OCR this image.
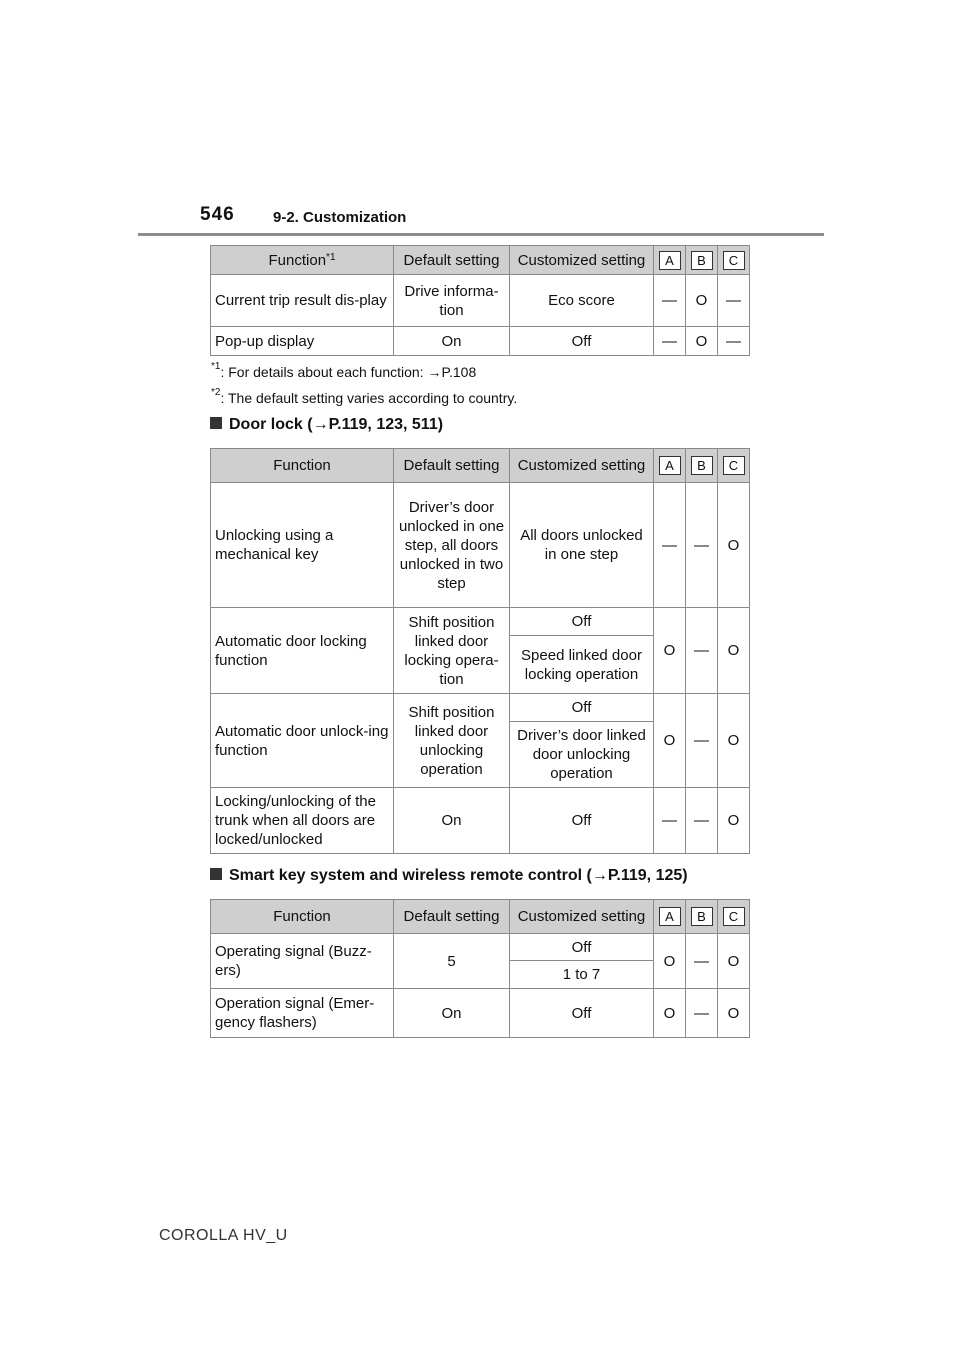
546	9-2. Customization
Function$^{*1}$	Default setting	Customized setting	A	B	C
Current trip result dis-play	Drive informa-tion	Eco score	—	O	—
Pop-up display	On	Off	—	O	—
$^{*1}$: For details about each function: →P.108
$^{*2}$: The default setting varies according to country.
Door lock (→P.119, 123, 511)
Function	Default setting	Customized setting	A	B	C
Unlocking using a mechanical key	Driver’s door unlocked in one step, all doors unlocked in two step	All doors unlocked in one step	—	—	O
Automatic door locking function	Shift position linked door locking opera-tion	Off	O	—	O
		Speed linked door locking operation			
Automatic door unlock-ing function	Shift position linked door unlocking operation	Off	O	—	O
		Driver’s door linked door unlocking operation			
Locking/unlocking of the trunk when all doors are locked/unlocked	On	Off	—	—	O
Smart key system and wireless remote control (→P.119, 125)
Function	Default setting	Customized setting	A	B	C
Operating signal (Buzz-ers)	5	Off	O	—	O
		1 to 7			
Operation signal (Emer-gency flashers)	On	Off	O	—	O
COROLLA HV_U
